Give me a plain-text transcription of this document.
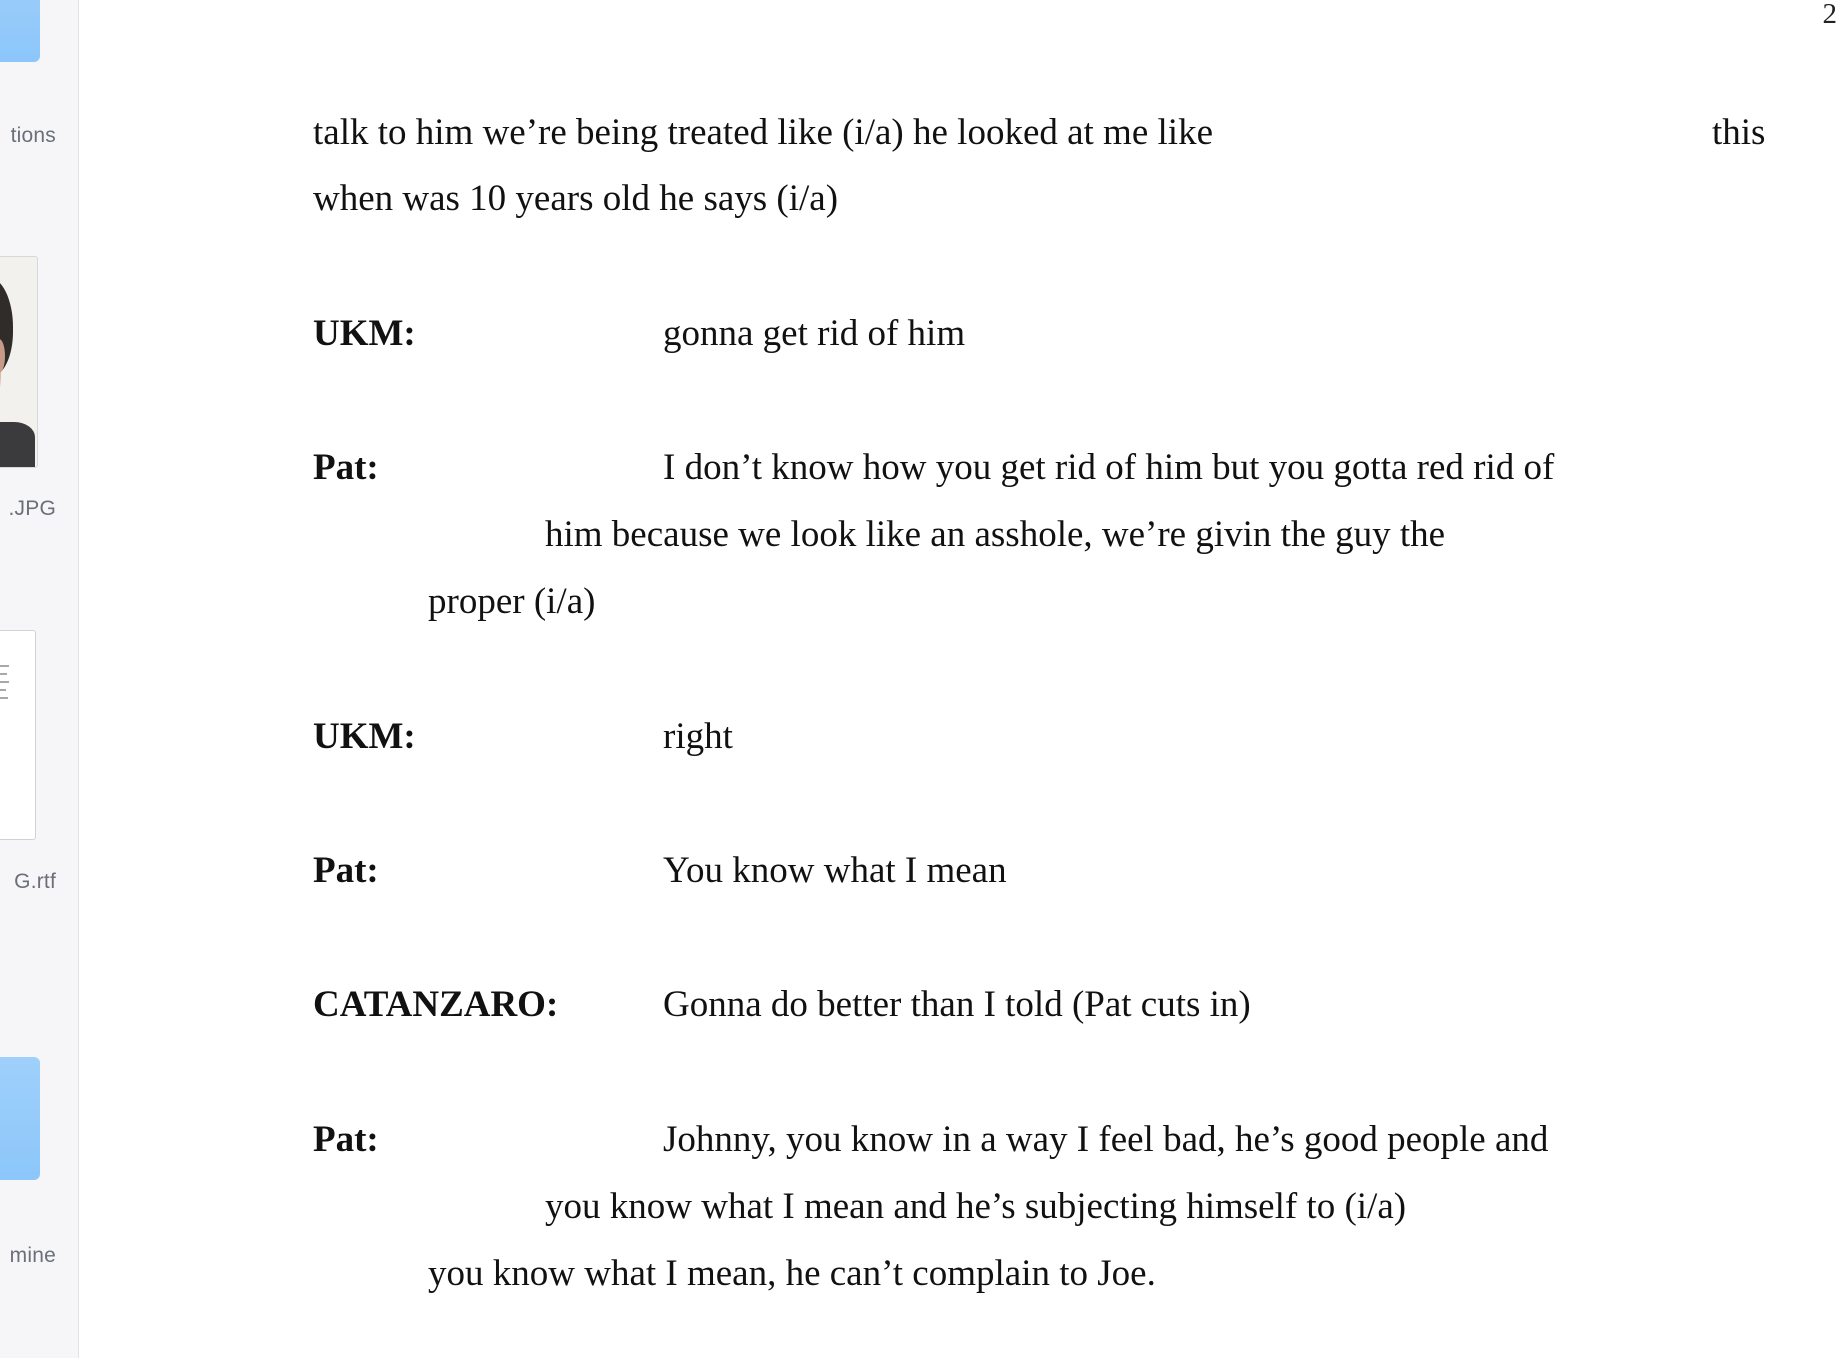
tions
.JPG
G.rtf
mine
2
talk to him we’re being treated like (i/a) he looked at me like	this
when was 10 years old he says (i/a)
UKM:	gonna get rid of him
Pat:	I don’t know how you get rid of him but you gotta red rid of
him because we look like an asshole, we’re givin the guy the
proper (i/a)
UKM:	right
Pat:	You know what I mean
CATANZARO:	Gonna do better than I told (Pat cuts in)
Pat:	Johnny, you know in a way I feel bad, he’s good people and
you know what I mean and he’s subjecting himself to (i/a)
you know what I mean, he can’t complain to Joe.
